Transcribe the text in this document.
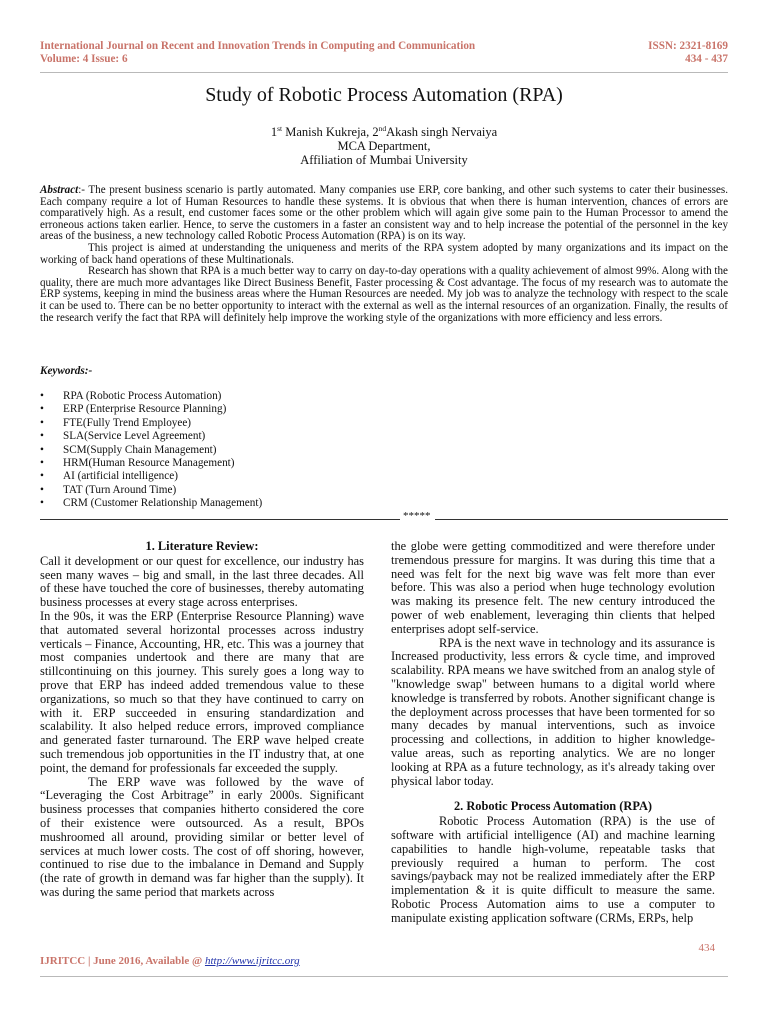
International Journal on Recent and Innovation Trends in Computing and Communication
Volume: 4 Issue: 6
ISSN: 2321-8169
434 - 437
Study of Robotic Process Automation (RPA)
1st Manish Kukreja, 2ndAkash singh Nervaiya
MCA Department,
Affiliation of Mumbai University

Abstract:- The present business scenario is partly automated. Many companies use ERP, core banking, and other such systems to cater their businesses. Each company require a lot of Human Resources to handle these systems. It is obvious that when there is human intervention, chances of errors are comparatively high. As a result, end customer faces some or the other problem which will again give some pain to the Human Processor to amend the erroneous actions taken earlier. Hence, to serve the customers in a faster an consistent way and to help increase the potential of the personnel in the key areas of the business, a new technology called Robotic Process Automation (RPA) is on its way.

This project is aimed at understanding the uniqueness and merits of the RPA system adopted by many organizations and its impact on the working of back hand operations of these Multinationals.

Research has shown that RPA is a much better way to carry on day-to-day operations with a quality achievement of almost 99%. Along with the quality, there are much more advantages like Direct Business Benefit, Faster processing & Cost advantage. The focus of my research was to automate the ERP systems, keeping in mind the business areas where the Human Resources are needed. My job was to analyze the technology with respect to the scale it can be used to. There can be no better opportunity to interact with the external as well as the internal resources of an organization. Finally, the results of the research verify the fact that RPA will definitely help improve the working style of the organizations with more efficiency and less errors.

Keywords:-
• RPA (Robotic Process Automation)
• ERP (Enterprise Resource Planning)
• FTE(Fully Trend Employee)
• SLA(Service Level Agreement)
• SCM(Supply Chain Management)
• HRM(Human Resource Management)
• AI (artificial intelligence)
• TAT (Turn Around Time)
• CRM (Customer Relationship Management)
*****
1. Literature Review:

Call it development or our quest for excellence, our industry has seen many waves – big and small, in the last three decades. All of these have touched the core of businesses, thereby automating business processes at every stage across enterprises.

In the 90s, it was the ERP (Enterprise Resource Planning) wave that automated several horizontal processes across industry verticals – Finance, Accounting, HR, etc. This was a journey that most companies undertook and there are many that are stillcontinuing on this journey. This surely goes a long way to prove that ERP has indeed added tremendous value to these organizations, so much so that they have continued to carry on with it. ERP succeeded in ensuring standardization and scalability. It also helped reduce errors, improved compliance and generated faster turnaround. The ERP wave helped create such tremendous job opportunities in the IT industry that, at one point, the demand for professionals far exceeded the supply.

The ERP wave was followed by the wave of “Leveraging the Cost Arbitrage” in early 2000s. Significant business processes that companies hitherto considered the core of their existence were outsourced. As a result, BPOs mushroomed all around, providing similar or better level of services at much lower costs. The cost of off shoring, however, continued to rise due to the imbalance in Demand and Supply (the rate of growth in demand was far higher than the supply). It was during the same period that markets across

the globe were getting commoditized and were therefore under tremendous pressure for margins. It was during this time that a need was felt for the next big wave was felt more than ever before. This was also a period when huge technology evolution was making its presence felt. The new century introduced the power of web enablement, leveraging thin clients that helped enterprises adopt self-service.

RPA is the next wave in technology and its assurance is Increased productivity, less errors & cycle time, and improved scalability. RPA means we have switched from an analog style of "knowledge swap" between humans to a digital world where knowledge is transferred by robots. Another significant change is the deployment across processes that have been tormented for so many decades by manual interventions, such as invoice processing and collections, in addition to higher knowledge-value areas, such as reporting analytics. We are no longer looking at RPA as a future technology, as it's already taking over physical labor today.

2. Robotic Process Automation (RPA)

Robotic Process Automation (RPA) is the use of software with artificial intelligence (AI) and machine learning capabilities to handle high-volume, repeatable tasks that previously required a human to perform. The cost savings/payback may not be realized immediately after the ERP implementation & it is quite difficult to measure the same. Robotic Process Automation aims to use a computer to manipulate existing application software (CRMs, ERPs, help

434
IJRITCC | June 2016, Available @ http://www.ijritcc.org
